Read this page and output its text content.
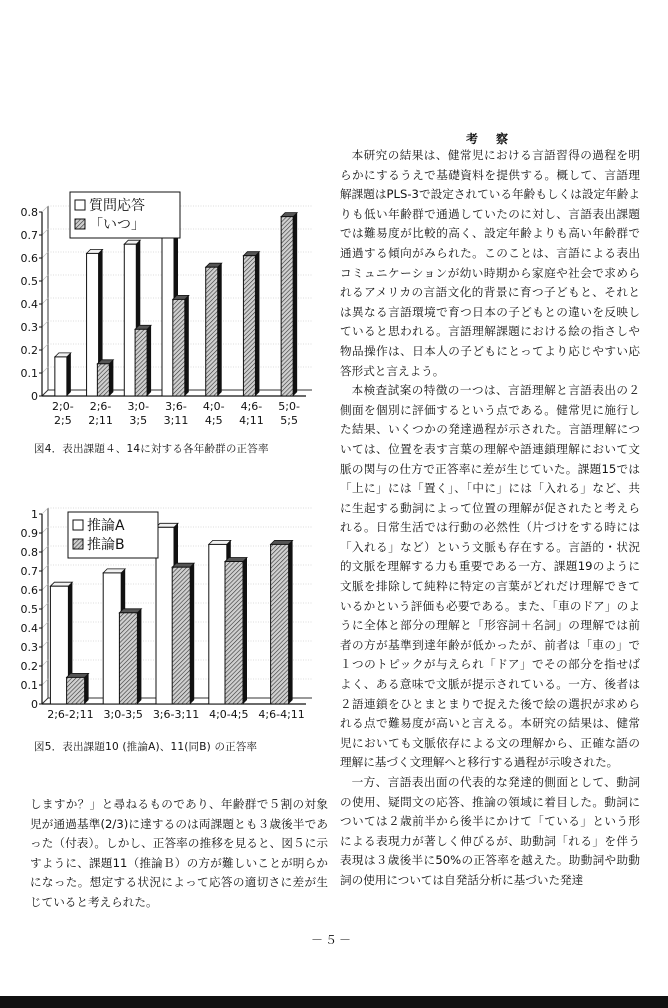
0
0.1
0.2
0.3
0.4
0.5
0.6
0.7
0.8
2;0-
2;5
2;6-
2;11
3;0-
3;5
3;6-
3;11
4;0-
4;5
4;6-
4;11
5;0-
5;5
質問応答
「いつ」
図4．表出課題４、14に対する各年齢群の正答率
0
0.1
0.2
0.3
0.4
0.5
0.6
0.7
0.8
0.9
1
2;6-2;11 3;0-3;5 3;6-3;11 4;0-4;5 4;6-4;11
推論A
推論B
図5．表出課題10 (推論A)、11(同B) の正答率

しますか？」と尋ねるものであり、年齢群で５割の対象児が通過基準(2/3)に達するのは両課題とも３歳後半であった（付表）。しかし、正答率の推移を見ると、図５に示すように、課題11（推論Ｂ）の方が難しいことが明らかになった。想定する状況によって応答の適切さに差が生じていると考えられた。

考察

本研究の結果は、健常児における言語習得の過程を明らかにするうえで基礎資料を提供する。概して、言語理解課題はPLS-3で設定されている年齢もしくは設定年齢よりも低い年齢群で通過していたのに対し、言語表出課題では難易度が比較的高く、設定年齢よりも高い年齢群で通過する傾向がみられた。このことは、言語による表出コミュニケーションが幼い時期から家庭や社会で求められるアメリカの言語文化的背景に育つ子どもと、それとは異なる言語環境で育つ日本の子どもとの違いを反映していると思われる。言語理解課題における絵の指さしや物品操作は、日本人の子どもにとってより応じやすい応答形式と言えよう。

本検査試案の特徴の一つは、言語理解と言語表出の２側面を個別に評価するという点である。健常児に施行した結果、いくつかの発達過程が示された。言語理解については、位置を表す言葉の理解や語連鎖理解において文脈の関与の仕方で正答率に差が生じていた。課題15では「上に」には「置く」、「中に」には「入れる」など、共に生起する動詞によって位置の理解が促されたと考えられる。日常生活では行動の必然性（片づけをする時には「入れる」など）という文脈も存在する。言語的・状況的文脈を理解する力も重要である一方、課題19のように文脈を排除して純粋に特定の言葉がどれだけ理解できているかという評価も必要である。また、「車のドア」のように全体と部分の理解と「形容詞＋名詞」の理解では前者の方が基準到達年齢が低かったが、前者は「車の」で１つのトピックが与えられ「ドア」でその部分を指せばよく、ある意味で文脈が提示されている。一方、後者は２語連鎖をひとまとまりで捉えた後で絵の選択が求められる点で難易度が高いと言える。本研究の結果は、健常児においても文脈依存による文の理解から、正確な語の理解に基づく文理解へと移行する過程が示唆された。

一方、言語表出面の代表的な発達的側面として、動詞の使用、疑問文の応答、推論の領域に着目した。動詞については２歳前半から後半にかけて「ている」という形による表現力が著しく伸びるが、助動詞「れる」を伴う表現は３歳後半に50%の正答率を越えた。助動詞や助動詞の使用については自発話分析に基づいた発達

－５－
